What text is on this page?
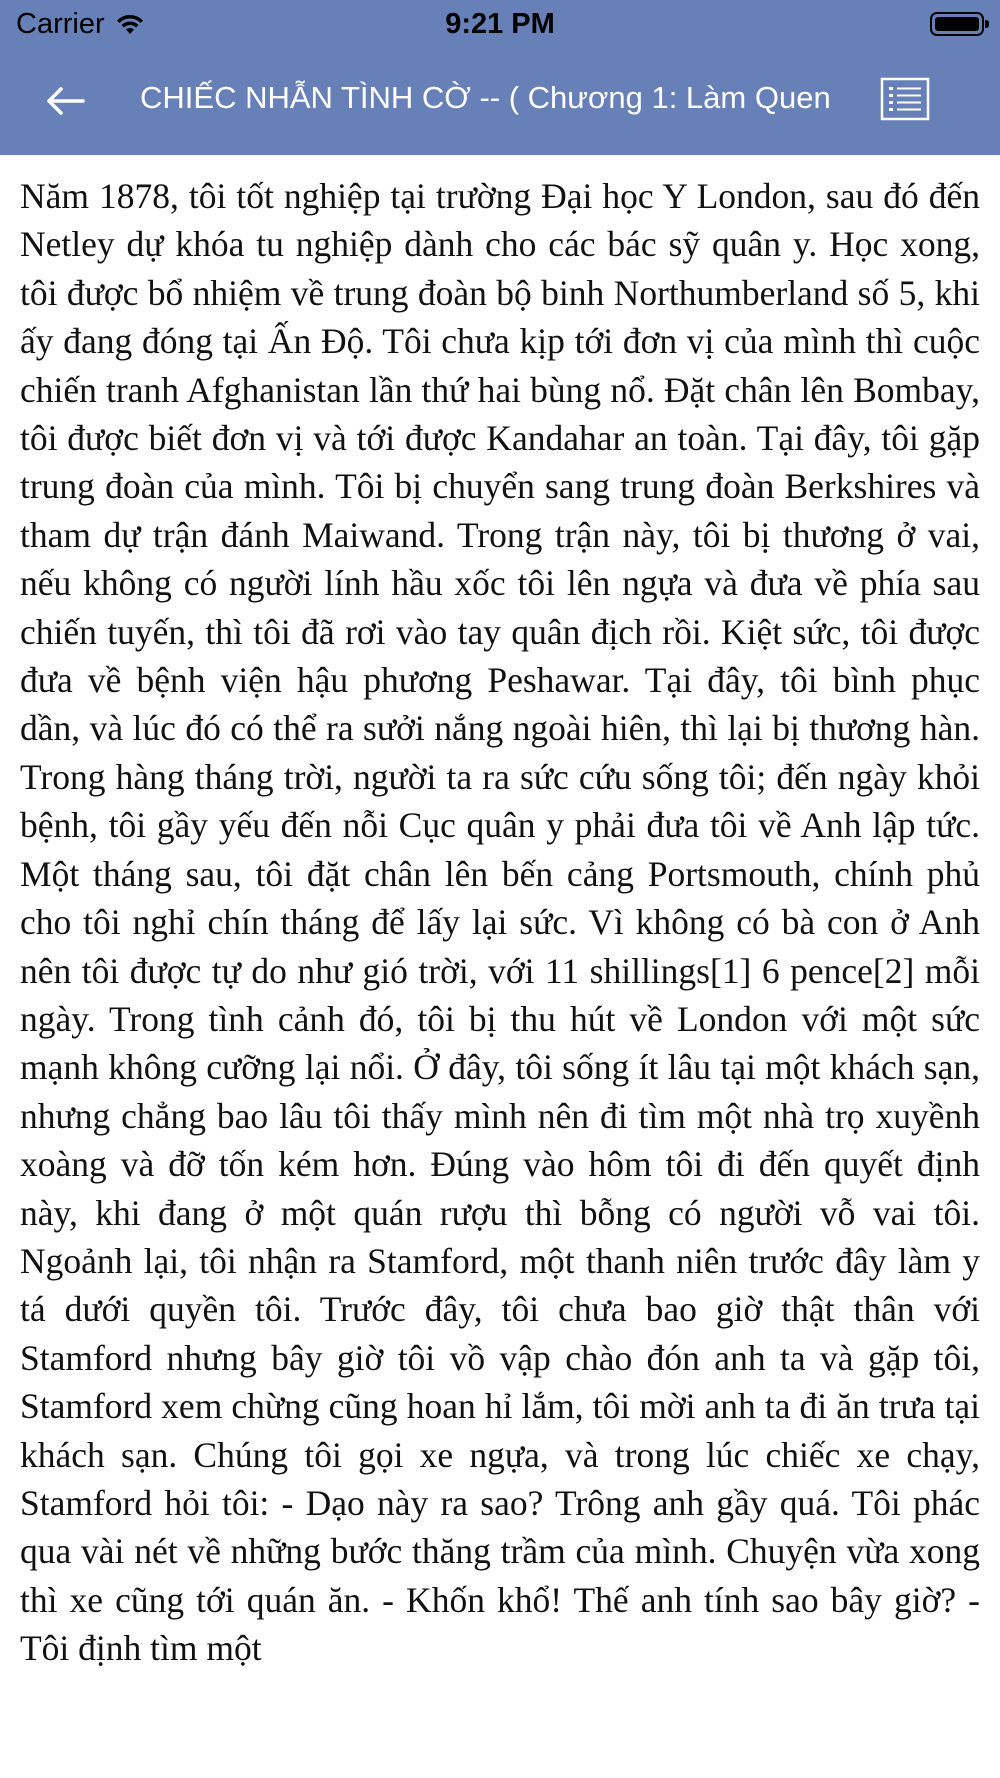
Carrier	9:21 PM
CHIẾC NHẪN TÌNH CỜ -- ( Chương 1: Làm Quen
Năm 1878, tôi tốt nghiệp tại trường Đại học Y London, sau đó đến Netley dự khóa tu nghiệp dành cho các bác sỹ quân y. Học xong, tôi được bổ nhiệm về trung đoàn bộ binh Northumberland số 5, khi ấy đang đóng tại Ấn Độ. Tôi chưa kịp tới đơn vị của mình thì cuộc chiến tranh Afghanistan lần thứ hai bùng nổ. Đặt chân lên Bombay, tôi được biết đơn vị và tới được Kandahar an toàn. Tại đây, tôi gặp trung đoàn của mình. Tôi bị chuyển sang trung đoàn Berkshires và tham dự trận đánh Maiwand. Trong trận này, tôi bị thương ở vai, nếu không có người lính hầu xốc tôi lên ngựa và đưa về phía sau chiến tuyến, thì tôi đã rơi vào tay quân địch rồi. Kiệt sức, tôi được đưa về bệnh viện hậu phương Peshawar. Tại đây, tôi bình phục dần, và lúc đó có thể ra sưởi nắng ngoài hiên, thì lại bị thương hàn. Trong hàng tháng trời, người ta ra sức cứu sống tôi; đến ngày khỏi bệnh, tôi gầy yếu đến nỗi Cục quân y phải đưa tôi về Anh lập tức. Một tháng sau, tôi đặt chân lên bến cảng Portsmouth, chính phủ cho tôi nghỉ chín tháng để lấy lại sức. Vì không có bà con ở Anh nên tôi được tự do như gió trời, với 11 shillings[1] 6 pence[2] mỗi ngày. Trong tình cảnh đó, tôi bị thu hút về London với một sức mạnh không cưỡng lại nổi. Ở đây, tôi sống ít lâu tại một khách sạn, nhưng chẳng bao lâu tôi thấy mình nên đi tìm một nhà trọ xuyềnh xoàng và đỡ tốn kém hơn. Đúng vào hôm tôi đi đến quyết định này, khi đang ở một quán rượu thì bỗng có người vỗ vai tôi. Ngoảnh lại, tôi nhận ra Stamford, một thanh niên trước đây làm y tá dưới quyền tôi. Trước đây, tôi chưa bao giờ thật thân với Stamford nhưng bây giờ tôi vồ vập chào đón anh ta và gặp tôi, Stamford xem chừng cũng hoan hỉ lắm, tôi mời anh ta đi ăn trưa tại khách sạn. Chúng tôi gọi xe ngựa, và trong lúc chiếc xe chạy, Stamford hỏi tôi: - Dạo này ra sao? Trông anh gầy quá. Tôi phác qua vài nét về những bước thăng trầm của mình. Chuyện vừa xong thì xe cũng tới quán ăn. - Khốn khổ! Thế anh tính sao bây giờ? - Tôi định tìm một
